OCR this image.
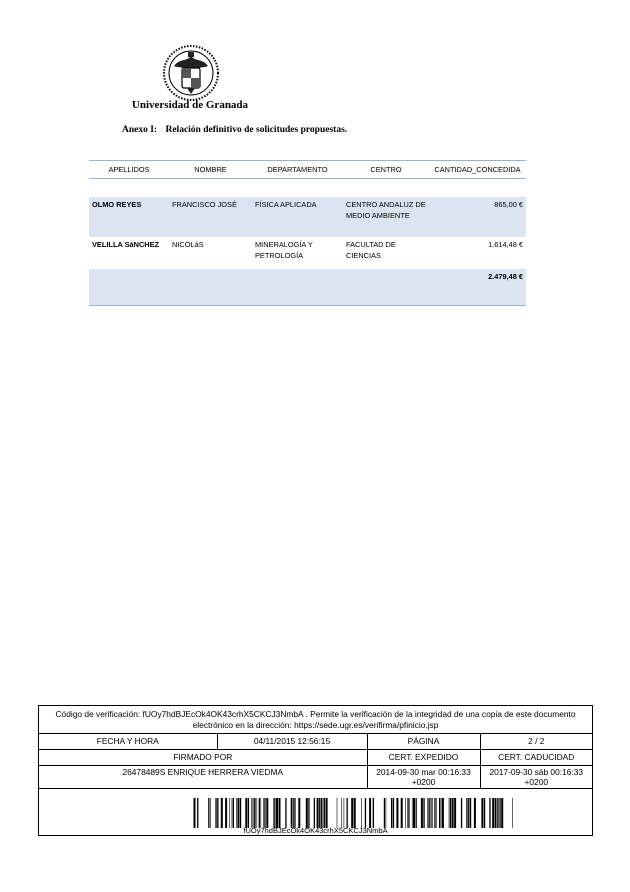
Universidad de Granada
Anexo I: Relación definitivo de solicitudes propuestas.
APELLIDOS	NOMBRE	DEPARTAMENTO	CENTRO	CANTIDAD_CONCEDIDA

OLMO REYES	FRANCISCO JOSÉ	FÍSICA APLICADA	CENTRO ANDALUZ DE MEDIO AMBIENTE	865,00 €
VELILLA SáNCHEZ	NICOLáS	MINERALOGÍA Y PETROLOGÍA	FACULTAD DE CIENCIAS	1.614,48 €
				2.479,48 €
Código de verificación: fUOy7hdBJEcOk4OK43crhX5CKCJ3NmbA . Permite la verificación de la integridad de una copia de este documento electrónico en la dirección: https://sede.ugr.es/verifirma/pfinicio.jsp
FECHA Y HORA	04/11/2015 12:56:15	PÁGINA	2 / 2
FIRMADO POR		CERT. EXPEDIDO	CERT. CADUCIDAD
26478489S ENRIQUE HERRERA VIEDMA		2014-09-30 mar 00:16:33 +0200	2017-09-30 sáb 00:16:33 +0200
fUOy7hdBJEcOk4OK43crhX5CKCJ3NmbA
